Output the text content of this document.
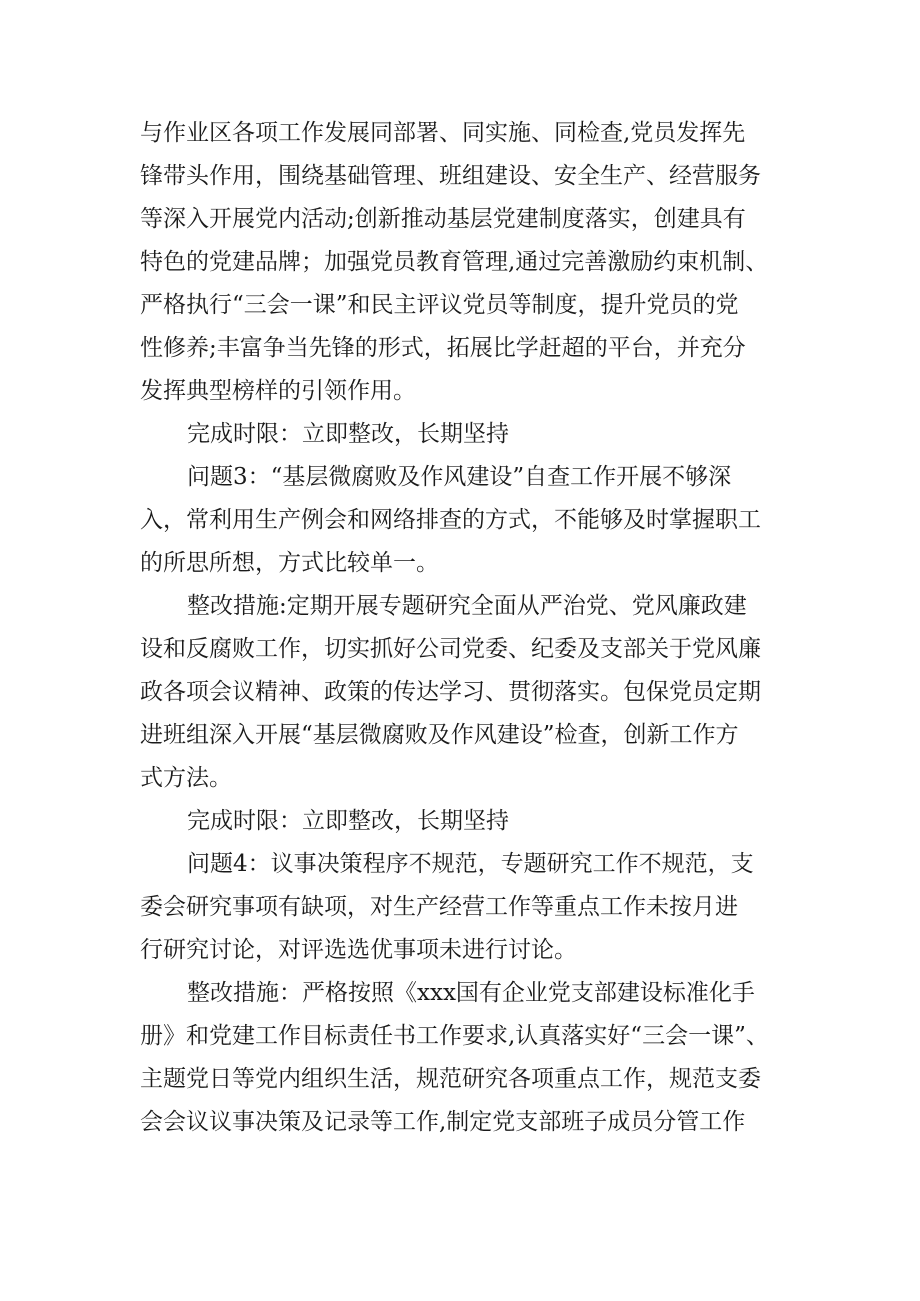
与作业区各项工作发展同部署、同实施、同检查,党员发挥先
锋带头作用，围绕基础管理、班组建设、安全生产、经营服务
等深入开展党内活动;创新推动基层党建制度落实，创建具有
特色的党建品牌；加强党员教育管理,通过完善激励约束机制、
严格执行“三会一课”和民主评议党员等制度，提升党员的党
性修养;丰富争当先锋的形式，拓展比学赶超的平台，并充分
发挥典型榜样的引领作用。
完成时限：立即整改，长期坚持
问题3：“基层微腐败及作风建设”自查工作开展不够深
入，常利用生产例会和网络排查的方式，不能够及时掌握职工
的所思所想，方式比较单一。
整改措施:定期开展专题研究全面从严治党、党风廉政建
设和反腐败工作，切实抓好公司党委、纪委及支部关于党风廉
政各项会议精神、政策的传达学习、贯彻落实。包保党员定期
进班组深入开展“基层微腐败及作风建设”检查，创新工作方
式方法。
完成时限：立即整改，长期坚持
问题4：议事决策程序不规范，专题研究工作不规范，支
委会研究事项有缺项，对生产经营工作等重点工作未按月进
行研究讨论，对评选选优事项未进行讨论。
整改措施：严格按照《xxx国有企业党支部建设标准化手
册》和党建工作目标责任书工作要求,认真落实好“三会一课”、
主题党日等党内组织生活，规范研究各项重点工作，规范支委
会会议议事决策及记录等工作,制定党支部班子成员分管工作
